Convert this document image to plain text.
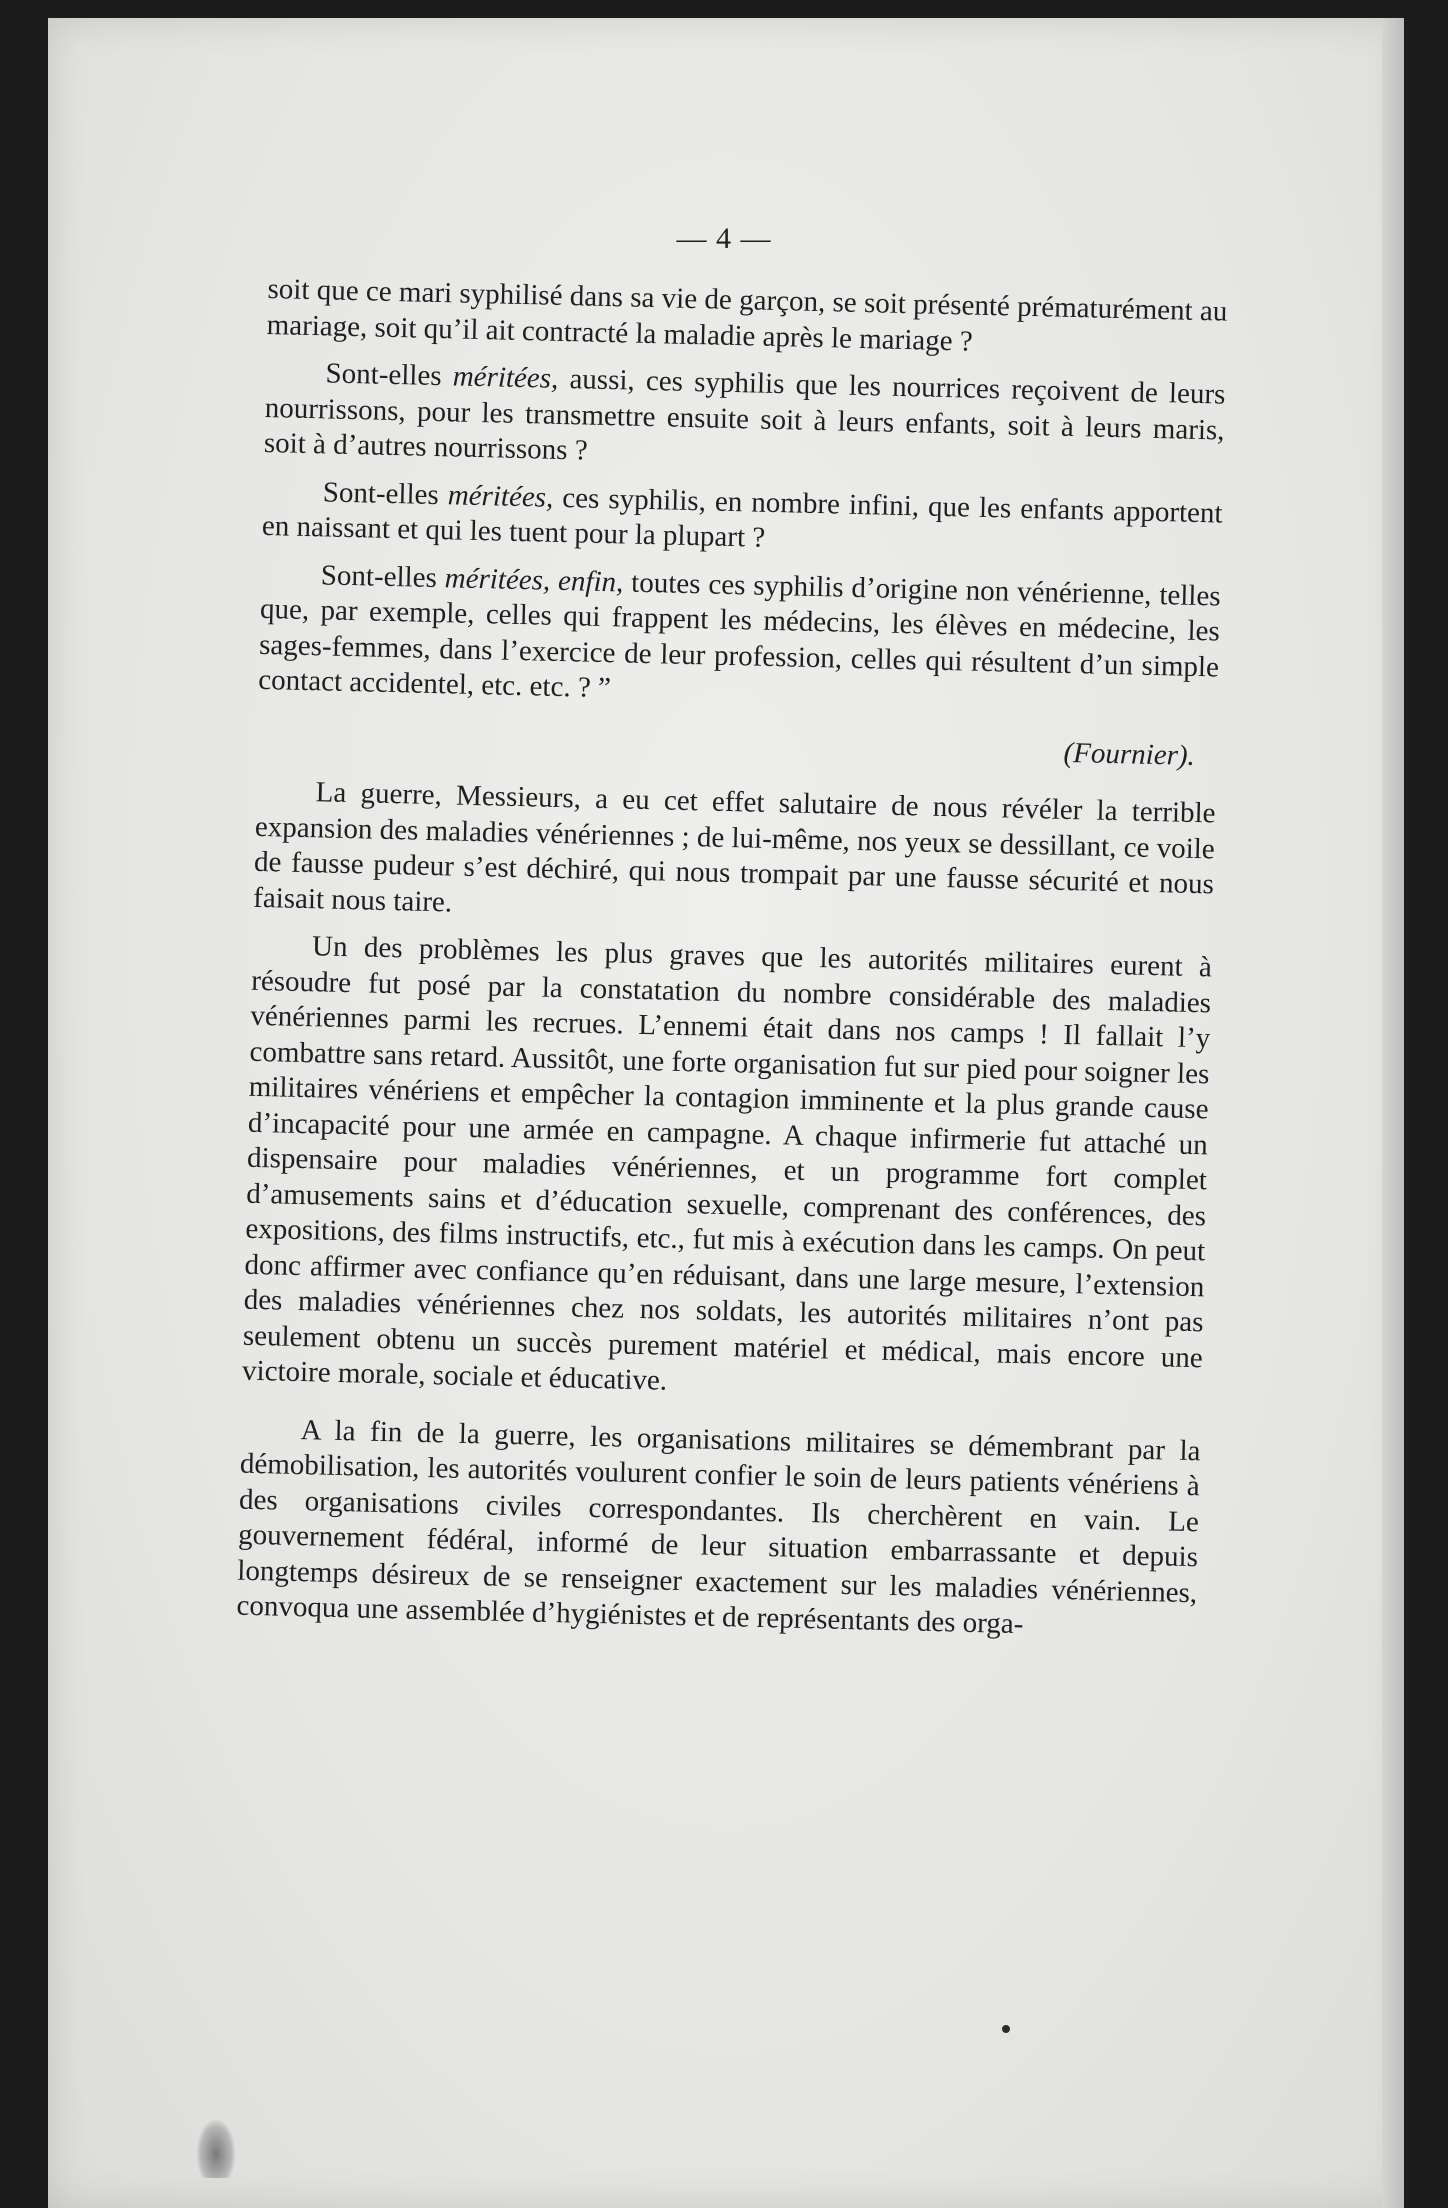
— 4 —

soit que ce mari syphilisé dans sa vie de garçon, se soit présenté prématurément au mariage, soit qu’il ait contracté la maladie après le mariage ?

Sont-elles méritées, aussi, ces syphilis que les nourrices reçoivent de leurs nourrissons, pour les transmettre ensuite soit à leurs enfants, soit à leurs maris, soit à d’autres nourrissons ?

Sont-elles méritées, ces syphilis, en nombre infini, que les enfants apportent en naissant et qui les tuent pour la plupart ?

Sont-elles méritées, enfin, toutes ces syphilis d’origine non vénérienne, telles que, par exemple, celles qui frappent les médecins, les élèves en médecine, les sages-femmes, dans l’exercice de leur profession, celles qui résultent d’un simple contact accidentel, etc. etc. ? ”

(Fournier).

La guerre, Messieurs, a eu cet effet salutaire de nous révéler la terrible expansion des maladies vénériennes ; de lui-même, nos yeux se dessillant, ce voile de fausse pudeur s’est déchiré, qui nous trompait par une fausse sécurité et nous faisait nous taire.

Un des problèmes les plus graves que les autorités militaires eurent à résoudre fut posé par la constatation du nombre considérable des maladies vénériennes parmi les recrues. L’ennemi était dans nos camps ! Il fallait l’y combattre sans retard. Aussitôt, une forte organisation fut sur pied pour soigner les militaires vénériens et empêcher la contagion imminente et la plus grande cause d’incapacité pour une armée en campagne. A chaque infirmerie fut attaché un dispensaire pour maladies vénériennes, et un programme fort complet d’amusements sains et d’éducation sexuelle, comprenant des conférences, des expositions, des films instructifs, etc., fut mis à exécution dans les camps. On peut donc affirmer avec confiance qu’en réduisant, dans une large mesure, l’extension des maladies vénériennes chez nos soldats, les autorités militaires n’ont pas seulement obtenu un succès purement matériel et médical, mais encore une victoire morale, sociale et éducative.

A la fin de la guerre, les organisations militaires se démembrant par la démobilisation, les autorités voulurent confier le soin de leurs patients vénériens à des organisations civiles correspondantes. Ils cherchèrent en vain. Le gouvernement fédéral, informé de leur situation embarrassante et depuis longtemps désireux de se renseigner exactement sur les maladies vénériennes, convoqua une assemblée d’hygiénistes et de représentants des orga-
